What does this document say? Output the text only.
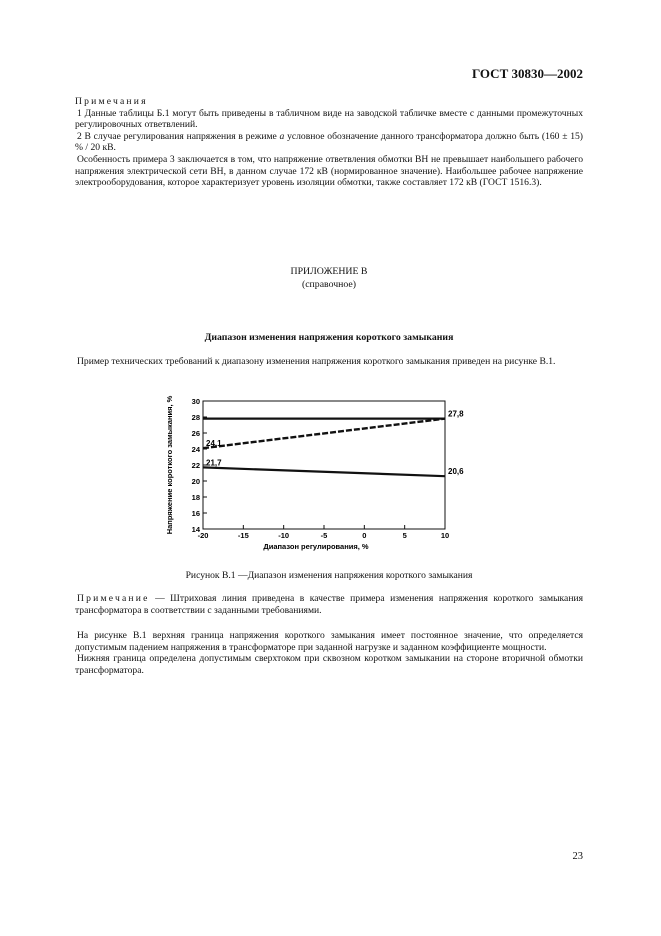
ГОСТ 30830—2002

Примечания

1 Данные таблицы Б.1 могут быть приведены в табличном виде на заводской табличке вместе с данными промежуточных регулировочных ответвлений.

2 В случае регулирования напряжения в режиме а условное обозначение данного трансформатора должно быть (160 ± 15) % / 20 кВ.

Особенность примера 3 заключается в том, что напряжение ответвления обмотки ВН не превышает наибольшего рабочего напряжения электрической сети ВН, в данном случае 172 кВ (нормированное значение). Наибольшее рабочее напряжение электрооборудования, которое характеризует уровень изоляции обмотки, также составляет 172 кВ (ГОСТ 1516.3).

ПРИЛОЖЕНИЕ В
(справочное)
Диапазон изменения напряжения короткого замыкания

Пример технических требований к диапазону изменения напряжения короткого замыкания приведен на рисунке В.1.

14
16
18
20
22
24
26
28
30
-20	-15	-10	-5	0	5	10
24,1
21,7
27,8
20,6
Диапазон регулирования, %
Напряжение короткого замыкания, %
Рисунок В.1 —Диапазон изменения напряжения короткого замыкания

Примечание — Штриховая линия приведена в качестве примера изменения напряжения короткого замыкания трансформатора в соответствии с заданными требованиями.

На рисунке В.1 верхняя граница напряжения короткого замыкания имеет постоянное значение, что определяется допустимым падением напряжения в трансформаторе при заданной нагрузке и заданном коэффициенте мощности.

Нижняя граница определена допустимым сверхтоком при сквозном коротком замыкании на стороне вторичной обмотки трансформатора.

23
